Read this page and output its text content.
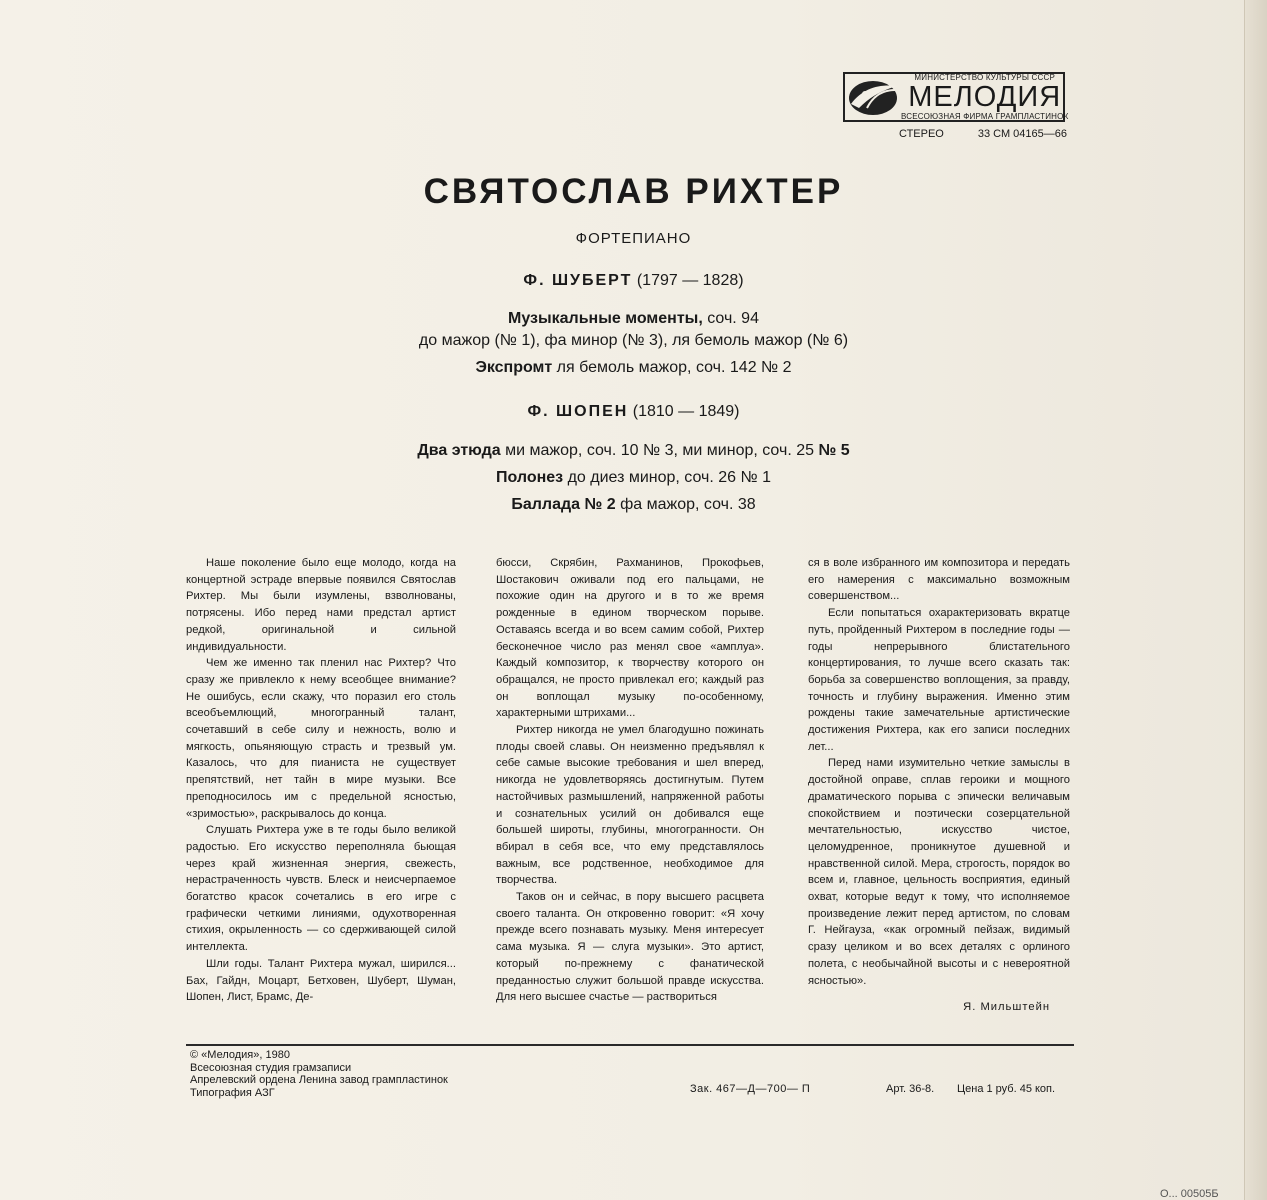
МИНИСТЕРСТВО КУЛЬТУРЫ СССР
МЕЛОДИЯ
ВСЕСОЮЗНАЯ ФИРМА ГРАМПЛАСТИНОК
СТЕРЕО	33 СМ 04165—66
СВЯТОСЛАВ РИХТЕР
ФОРТЕПИАНО
Ф. ШУБЕРТ (1797 — 1828)
Музыкальные моменты, соч. 94
до мажор (№ 1), фа минор (№ 3), ля бемоль мажор (№ 6)
Экспромт ля бемоль мажор, соч. 142 № 2
Ф. ШОПЕН (1810 — 1849)
Два этюда ми мажор, соч. 10 № 3, ми минор, соч. 25 № 5
Полонез до диез минор, соч. 26 № 1
Баллада № 2 фа мажор, соч. 38

Наше поколение было еще молодо, когда на концертной эстраде впервые появился Святослав Рихтер. Мы были изумлены, взволнованы, потрясены. Ибо перед нами предстал артист редкой, оригинальной и сильной индивидуальности.

Чем же именно так пленил нас Рихтер? Что сразу же привлекло к нему всеобщее внимание? Не ошибусь, если скажу, что поразил его столь всеобъемлющий, многогранный талант, сочетавший в себе силу и нежность, волю и мягкость, опьяняющую страсть и трезвый ум. Казалось, что для пианиста не существует препятствий, нет тайн в мире музыки. Все преподносилось им с предельной ясностью, «зримостью», раскрывалось до конца.

Слушать Рихтера уже в те годы было великой радостью. Его искусство переполняла бьющая через край жизненная энергия, свежесть, нерастраченность чувств. Блеск и неисчерпаемое богатство красок сочетались в его игре с графически четкими линиями, одухотворенная стихия, окрыленность — со сдерживающей силой интеллекта.

Шли годы. Талант Рихтера мужал, ширился... Бах, Гайдн, Моцарт, Бетховен, Шуберт, Шуман, Шопен, Лист, Брамс, Де-

бюсси, Скрябин, Рахманинов, Прокофьев, Шостакович оживали под его пальцами, не похожие один на другого и в то же время рожденные в едином творческом порыве. Оставаясь всегда и во всем самим собой, Рихтер бесконечное число раз менял свое «амплуа». Каждый композитор, к творчеству которого он обращался, не просто привлекал его; каждый раз он воплощал музыку по-особенному, характерными штрихами...

Рихтер никогда не умел благодушно пожинать плоды своей славы. Он неизменно предъявлял к себе самые высокие требования и шел вперед, никогда не удовлетворяясь достигнутым. Путем настойчивых размышлений, напряженной работы и сознательных усилий он добивался еще большей широты, глубины, многогранности. Он вбирал в себя все, что ему представлялось важным, все родственное, необходимое для творчества.

Таков он и сейчас, в пору высшего расцвета своего таланта. Он откровенно говорит: «Я хочу прежде всего познавать музыку. Меня интересует сама музыка. Я — слуга музыки». Это артист, который по-прежнему с фанатической преданностью служит большой правде искусства. Для него высшее счастье — раствориться

ся в воле избранного им композитора и передать его намерения с максимально возможным совершенством...

Если попытаться охарактеризовать вкратце путь, пройденный Рихтером в последние годы — годы непрерывного блистательного концертирования, то лучше всего сказать так: борьба за совершенство воплощения, за правду, точность и глубину выражения. Именно этим рождены такие замечательные артистические достижения Рихтера, как его записи последних лет...

Перед нами изумительно четкие замыслы в достойной оправе, сплав героики и мощного драматического порыва с эпически величавым спокойствием и поэтически созерцательной мечтательностью, искусство чистое, целомудренное, проникнутое душевной и нравственной силой. Мера, строгость, порядок во всем и, главное, цельность восприятия, единый охват, которые ведут к тому, что исполняемое произведение лежит перед артистом, по словам Г. Нейгауза, «как огромный пейзаж, видимый сразу целиком и во всех деталях с орлиного полета, с необычайной высоты и с невероятной ясностью».

Я. Мильштейн
© «Мелодия», 1980
Всесоюзная студия грамзаписи
Апрелевский ордена Ленина завод грампластинок
Типография АЗГ	Зак. 467—Д—700— П	Арт. 36-8. Цена 1 руб. 45 коп.
О... 00505Б
